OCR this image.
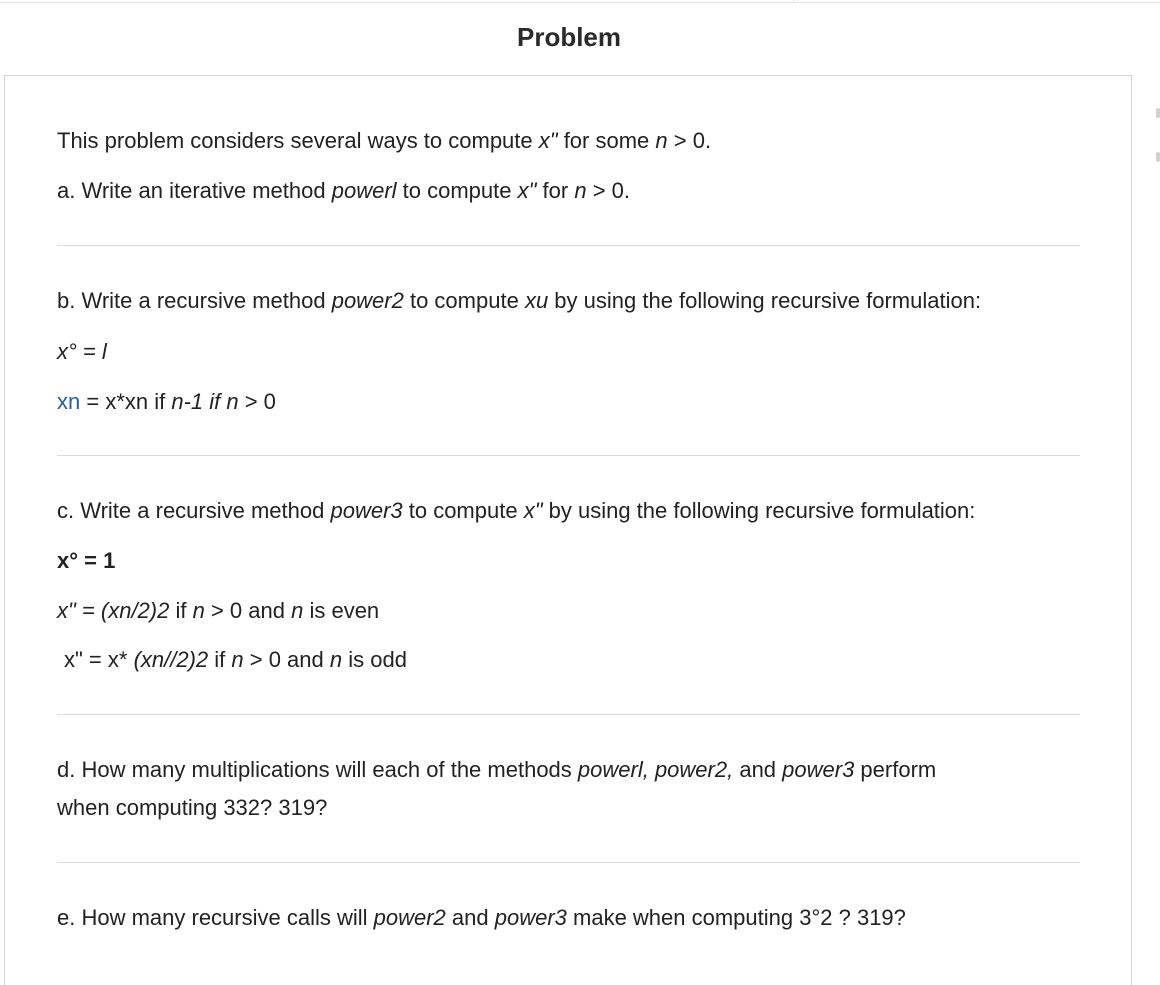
Problem
This problem considers several ways to compute x" for some n > 0.
a. Write an iterative method powerl to compute x" for n > 0.
b. Write a recursive method power2 to compute xu by using the following recursive formulation:
x° = l
xn = x*xn if n-1 if n > 0
c. Write a recursive method power3 to compute x" by using the following recursive formulation:
x° = 1
x" = (xn/2)2 if n > 0 and n is even
x" = x* (xn//2)2 if n > 0 and n is odd
d. How many multiplications will each of the methods powerl, power2, and power3 perform
when computing 332? 319?
e. How many recursive calls will power2 and power3 make when computing 3°2 ? 319?
